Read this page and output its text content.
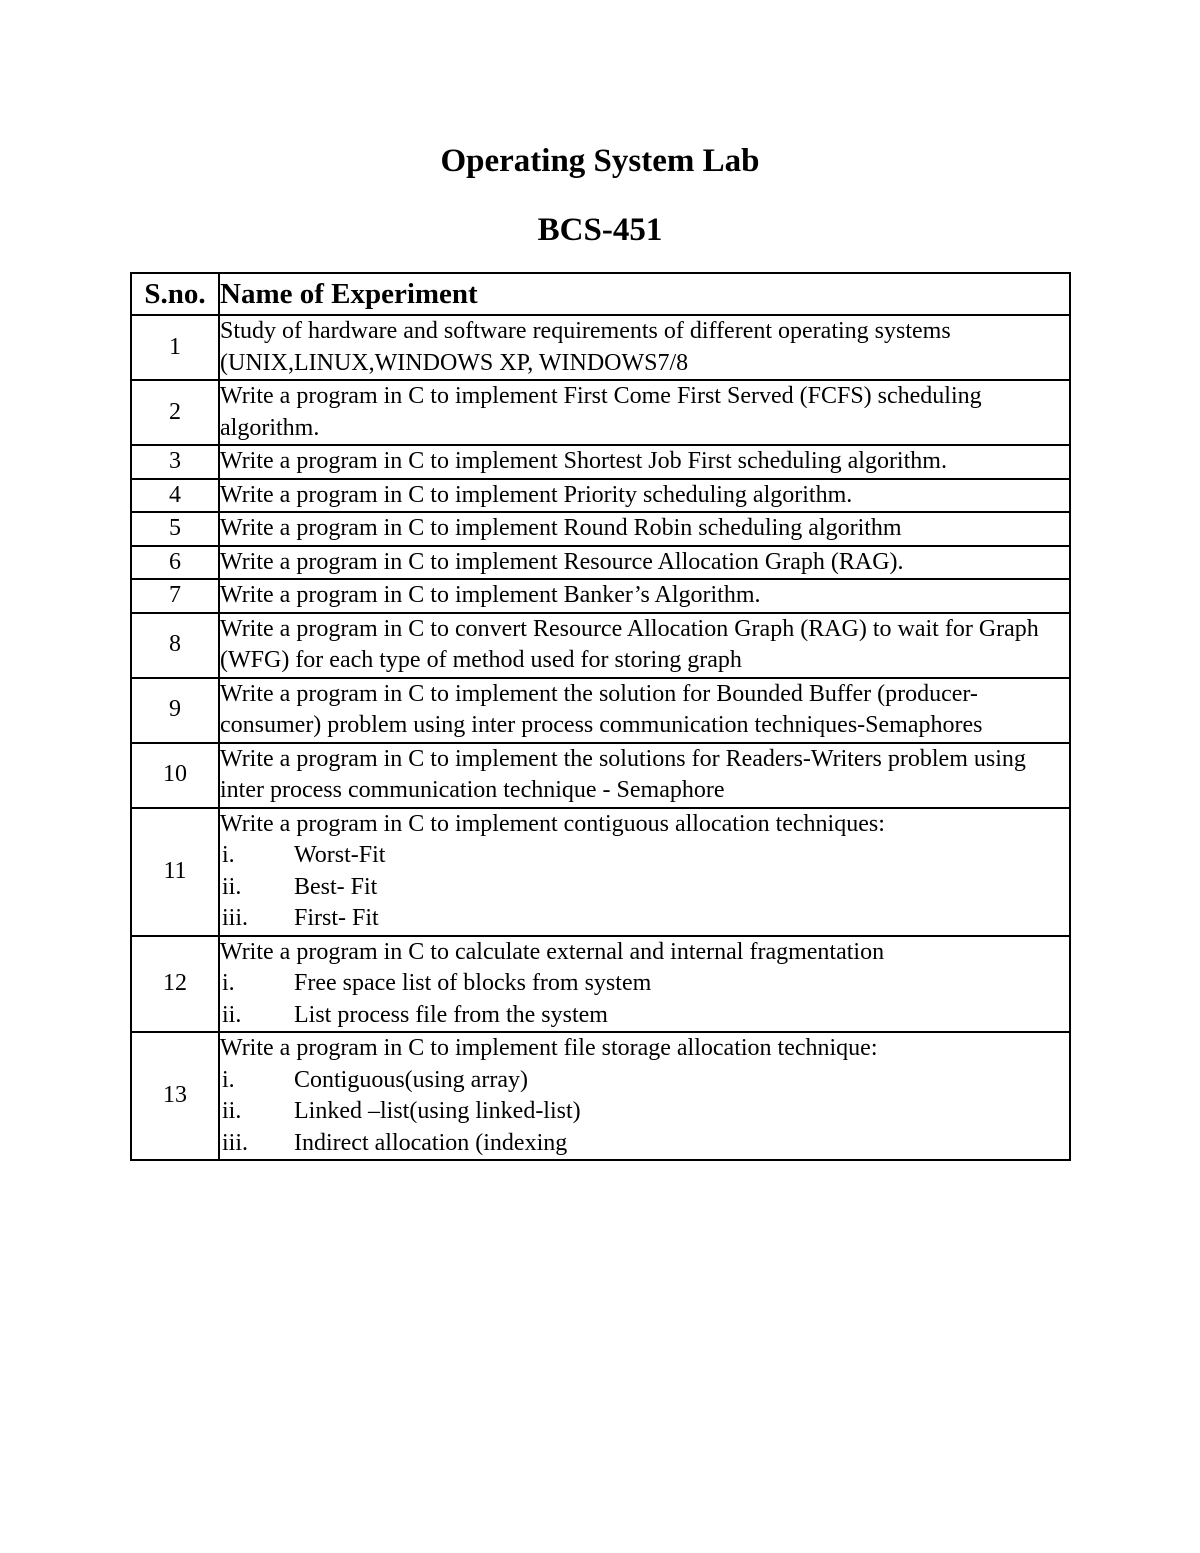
Operating System Lab
BCS-451
S.no.	Name of Experiment
1	Study of hardware and software requirements of different operating systems (UNIX,LINUX,WINDOWS XP, WINDOWS7/8
2	Write a program in C to implement First Come First Served (FCFS) scheduling algorithm.
3	Write a program in C to implement Shortest Job First scheduling algorithm.
4	Write a program in C to implement Priority scheduling algorithm.
5	Write a program in C to implement Round Robin scheduling algorithm
6	Write a program in C to implement Resource Allocation Graph (RAG).
7	Write a program in C to implement Banker’s Algorithm.
8	Write a program in C to convert Resource Allocation Graph (RAG) to wait for Graph (WFG) for each type of method used for storing graph
9	Write a program in C to implement the solution for Bounded Buffer (producer-consumer) problem using inter process communication techniques-Semaphores
10	Write a program in C to implement the solutions for Readers-Writers problem using inter process communication technique - Semaphore
11	Write a program in C to implement contiguous allocation techniques:
i. Worst-Fit
ii. Best- Fit
iii. First- Fit

12	Write a program in C to calculate external and internal fragmentation
i. Free space list of blocks from system
ii. List process file from the system

13	Write a program in C to implement file storage allocation technique:
i. Contiguous(using array)
ii. Linked –list(using linked-list)
iii. Indirect allocation (indexing
